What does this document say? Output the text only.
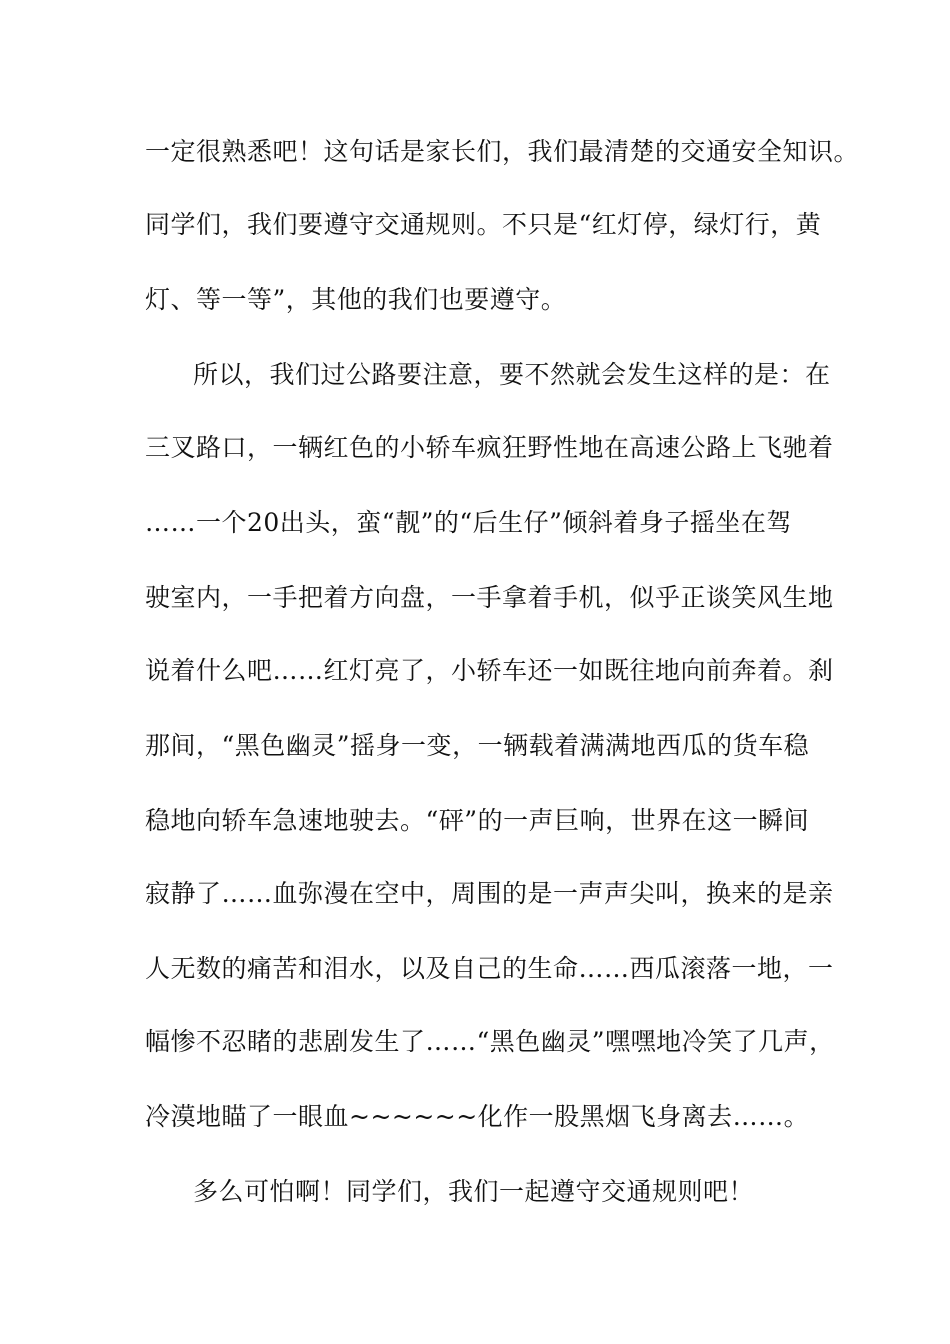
一定很熟悉吧！这句话是家长们，我们最清楚的交通安全知识。
同学们，我们要遵守交通规则。不只是“红灯停，绿灯行，黄
灯、等一等”，其他的我们也要遵守。
所以，我们过公路要注意，要不然就会发生这样的是：在
三叉路口，一辆红色的小轿车疯狂野性地在高速公路上飞驰着
……一个20出头，蛮“靓”的“后生仔”倾斜着身子摇坐在驾
驶室内，一手把着方向盘，一手拿着手机，似乎正谈笑风生地
说着什么吧……红灯亮了，小轿车还一如既往地向前奔着。刹
那间，“黑色幽灵”摇身一变，一辆载着满满地西瓜的货车稳
稳地向轿车急速地驶去。“砰”的一声巨响，世界在这一瞬间
寂静了……血弥漫在空中，周围的是一声声尖叫，换来的是亲
人无数的痛苦和泪水，以及自己的生命……西瓜滚落一地，一
幅惨不忍睹的悲剧发生了……“黑色幽灵”嘿嘿地冷笑了几声，
冷漠地瞄了一眼血~~~~~~化作一股黑烟飞身离去……。
多么可怕啊！同学们，我们一起遵守交通规则吧！
